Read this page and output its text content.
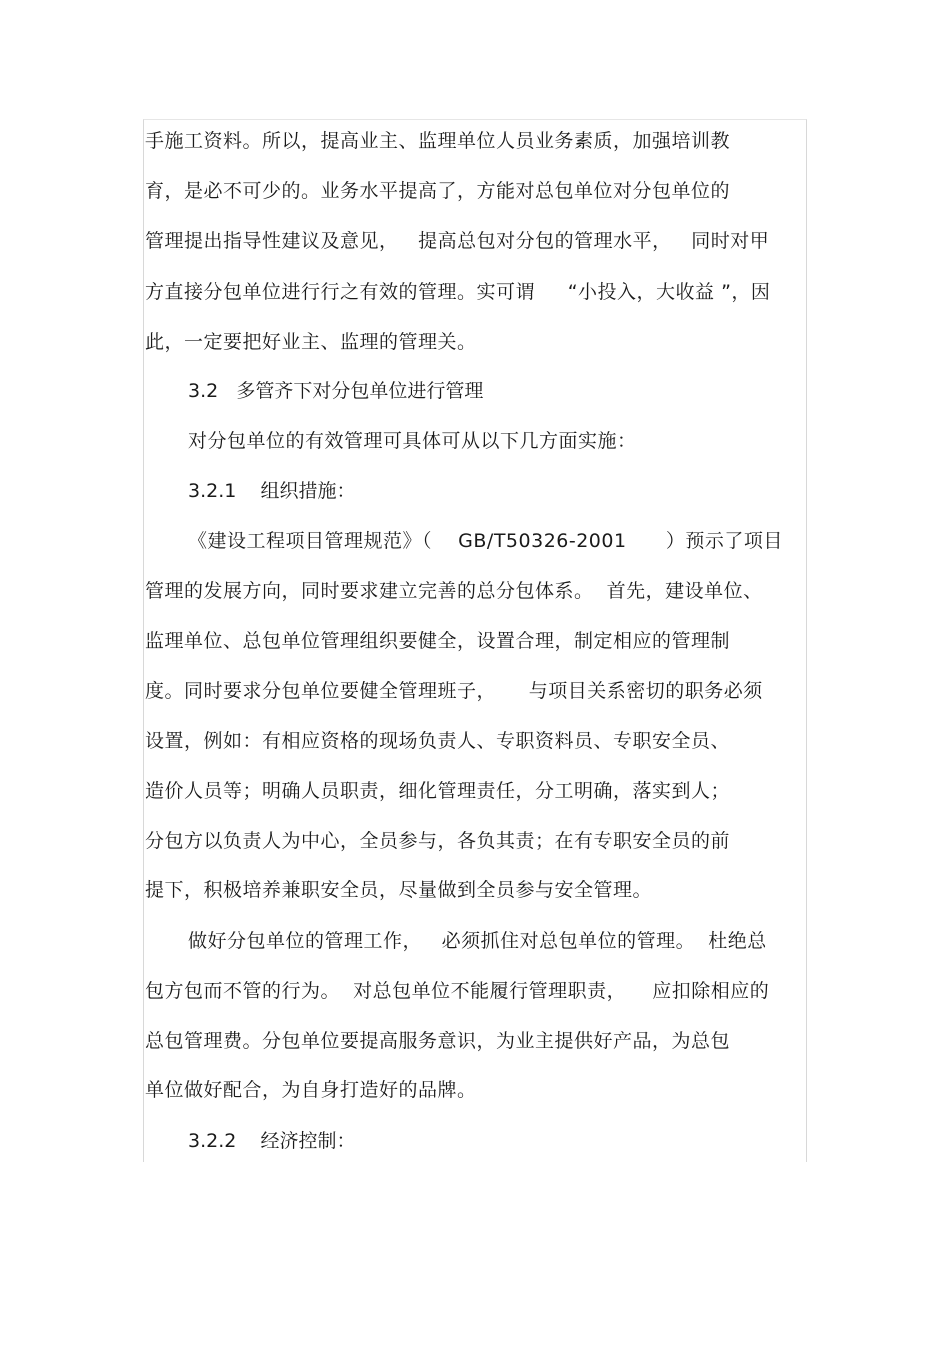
手施工资料。所以，提高业主、监理单位人员业务素质，加强培训教
育，是必不可少的。业务水平提高了，方能对总包单位对分包单位的
管理提出指导性建议及意见，   提高总包对分包的管理水平，   同时对甲
方直接分包单位进行行之有效的管理。实可谓     “小投入，大收益 ”，因
此，一定要把好业主、监理的管理关。
3.2   多管齐下对分包单位进行管理
对分包单位的有效管理可具体可从以下几方面实施：
3.2.1    组织措施：
《建设工程项目管理规范》（    GB/T50326-2001      ）预示了项目
管理的发展方向，同时要求建立完善的总分包体系。  首先，建设单位、
监理单位、总包单位管理组织要健全，设置合理，制定相应的管理制
度。同时要求分包单位要健全管理班子，     与项目关系密切的职务必须
设置，例如：有相应资格的现场负责人、专职资料员、专职安全员、
造价人员等；明确人员职责，细化管理责任，分工明确，落实到人；
分包方以负责人为中心，全员参与，各负其责；在有专职安全员的前
提下，积极培养兼职安全员，尽量做到全员参与安全管理。
做好分包单位的管理工作，   必须抓住对总包单位的管理。  杜绝总
包方包而不管的行为。  对总包单位不能履行管理职责，    应扣除相应的
总包管理费。分包单位要提高服务意识，为业主提供好产品，为总包
单位做好配合，为自身打造好的品牌。
3.2.2    经济控制：
